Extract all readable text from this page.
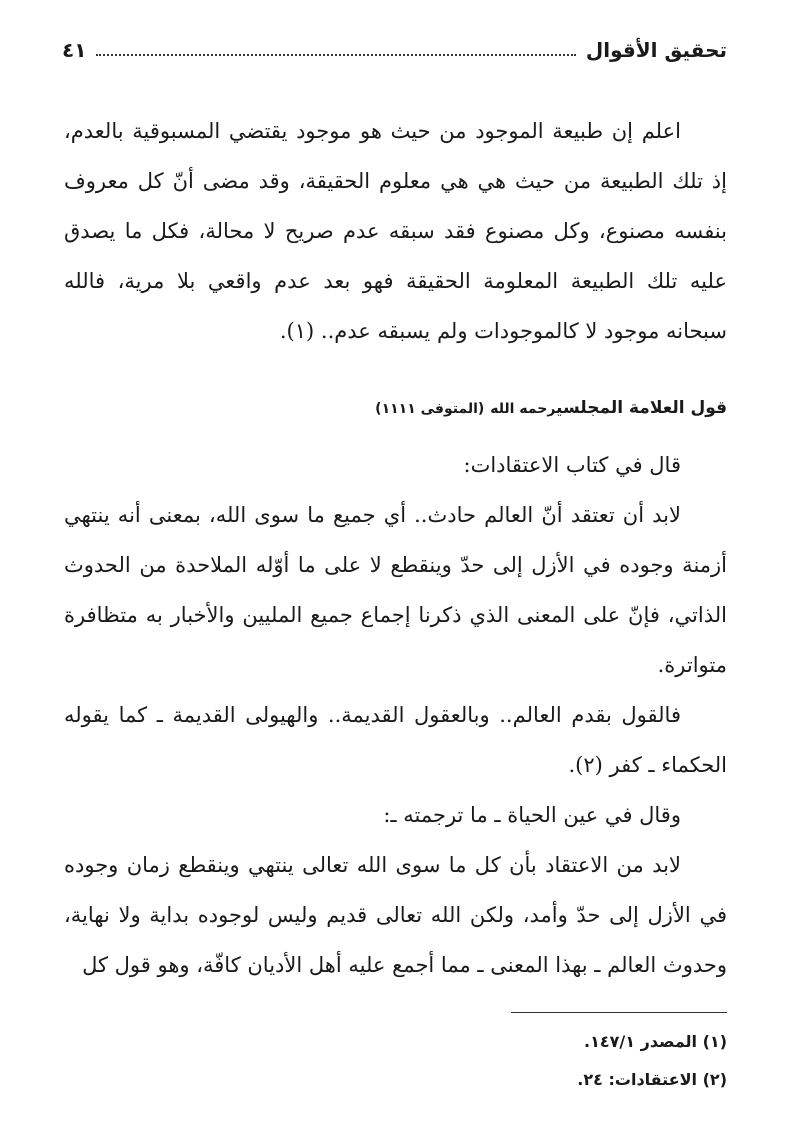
تحقيق الأقوال
٤١
اعلم إن طبيعة الموجود من حيث هو موجود يقتضي المسبوقية بالعدم، إذ تلك الطبيعة من حيث هي هي معلوم الحقيقة، وقد مضى أنّ كل معروف بنفسه مصنوع، وكل مصنوع فقد سبقه عدم صريح لا محالة، فكل ما يصدق عليه تلك الطبيعة المعلومة الحقيقة فهو بعد عدم واقعي بلا مرية، فالله سبحانه موجود لا كالموجودات ولم يسبقه عدم.. (١).
قول العلامة المجلسيرحمه الله (المتوفى ١١١١)
قال في كتاب الاعتقادات:
لابد أن تعتقد أنّ العالم حادث.. أي جميع ما سوى الله، بمعنى أنه ينتهي أزمنة وجوده في الأزل إلى حدّ وينقطع لا على ما أوّله الملاحدة من الحدوث الذاتي، فإنّ على المعنى الذي ذكرنا إجماع جميع المليين والأخبار به متظافرة متواترة.
فالقول بقدم العالم.. وبالعقول القديمة.. والهيولى القديمة ـ كما يقوله الحكماء ـ كفر (٢).
وقال في عين الحياة ـ ما ترجمته ـ:
لابد من الاعتقاد بأن كل ما سوى الله تعالى ينتهي وينقطع زمان وجوده في الأزل إلى حدّ وأمد، ولكن الله تعالى قديم وليس لوجوده بداية ولا نهاية، وحدوث العالم ـ بهذا المعنى ـ مما أجمع عليه أهل الأديان كافّة، وهو قول كل
(١) المصدر ١٤٧/١.
(٢) الاعتقادات: ٢٤.
